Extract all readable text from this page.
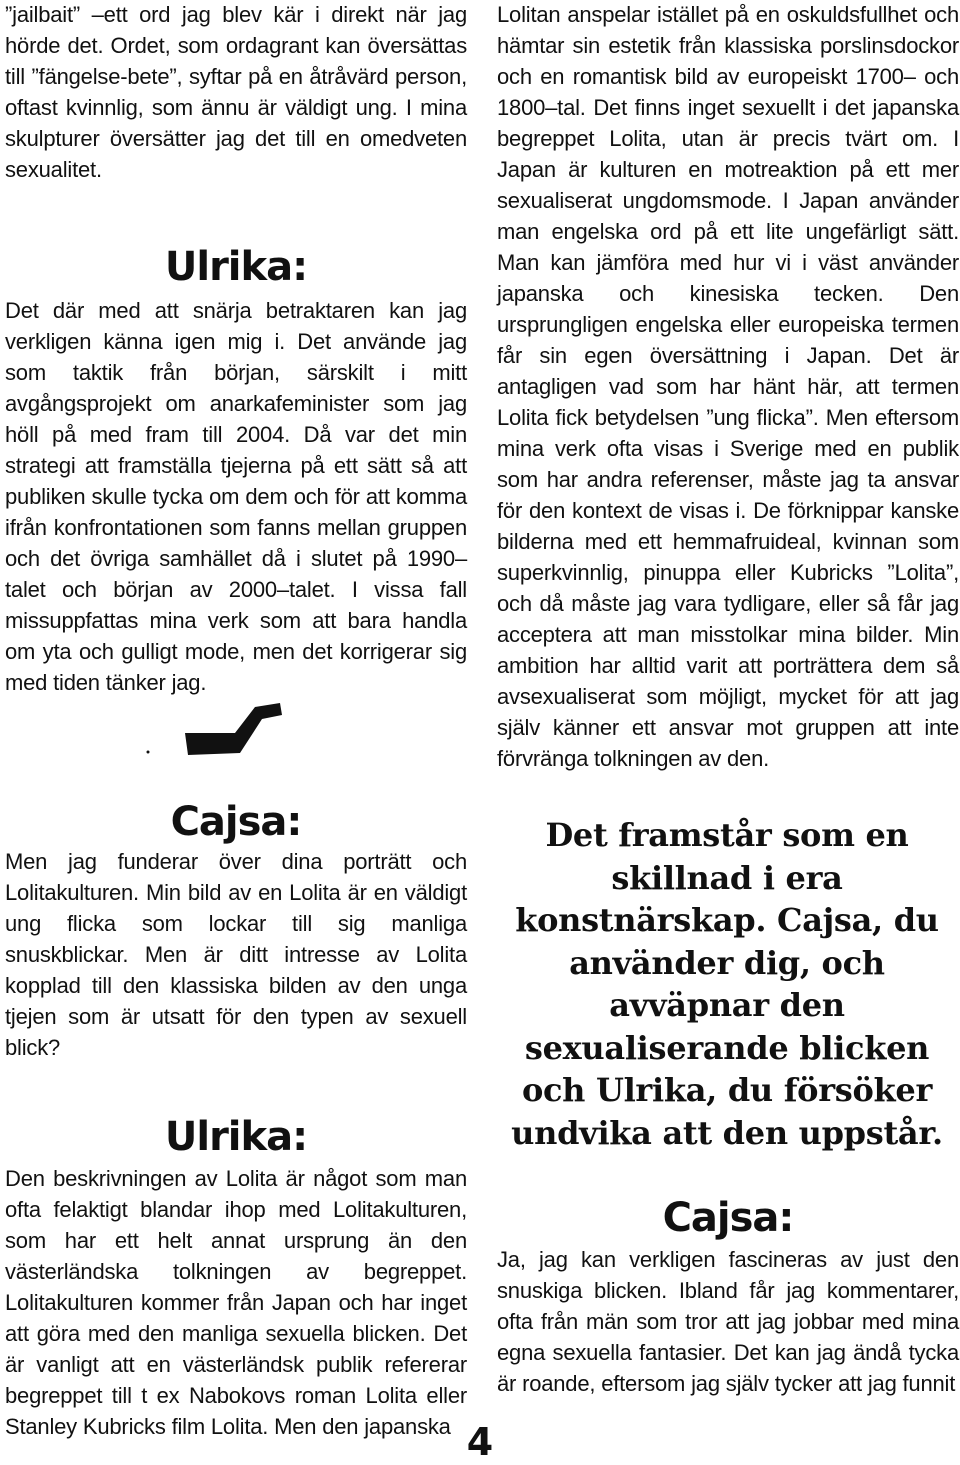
”jailbait” –ett ord jag blev kär i direkt när jag hörde det. Ordet, som ordagrant kan översättas till ”fängelse-bete”, syftar på en åtråvärd person, oftast kvinnlig, som ännu är väldigt ung. I mina skulpturer översätter jag det till en omedveten sexualitet.

Ulrika:

Det där med att snärja betraktaren kan jag verkligen känna igen mig i. Det använde jag som taktik från början, särskilt i mitt avgångsprojekt om anarkafeminister som jag höll på med fram till 2004. Då var det min strategi att framställa tjejerna på ett sätt så att publiken skulle tycka om dem och för att komma ifrån konfrontationen som fanns mellan gruppen och det övriga samhället då i slutet på 1990–talet och början av 2000–talet. I vissa fall missuppfattas mina verk som att bara handla om yta och gulligt mode, men det korrigerar sig med tiden tänker jag.

Cajsa:

Men jag funderar över dina porträtt och Lolitakulturen. Min bild av en Lolita är en väldigt ung flicka som lockar till sig manliga snuskblickar. Men är ditt intresse av Lolita kopplad till den klassiska bilden av den unga tjejen som är utsatt för den typen av sexuell blick?

Ulrika:

Den beskrivningen av Lolita är något som man ofta felaktigt blandar ihop med Lolitakulturen, som har ett helt annat ursprung än den västerländska tolkningen av begreppet. Lolitakulturen kommer från Japan och har inget att göra med den manliga sexuella blicken. Det är vanligt att en västerländsk publik refererar begreppet till t ex Nabokovs roman Lolita eller Stanley Kubricks film Lolita. Men den japanska

Lolitan anspelar istället på en oskuldsfullhet och hämtar sin estetik från klassiska porslinsdockor och en romantisk bild av europeiskt 1700– och 1800–tal. Det finns inget sexuellt i det japanska begreppet Lolita, utan är precis tvärt om. I Japan är kulturen en motreaktion på ett mer sexualiserat ungdomsmode. I Japan använder man engelska ord på ett lite ungefärligt sätt. Man kan jämföra med hur vi i väst använder japanska och kinesiska tecken. Den ursprungligen engelska eller europeiska termen får sin egen översättning i Japan. Det är antagligen vad som har hänt här, att termen Lolita fick betydelsen ”ung flicka”. Men eftersom mina verk ofta visas i Sverige med en publik som har andra referenser, måste jag ta ansvar för den kontext de visas i. De förknippar kanske bilderna med ett hemmafruideal, kvinnan som superkvinnlig, pinuppa eller Kubricks ”Lolita”, och då måste jag vara tydligare, eller så får jag acceptera att man misstolkar mina bilder. Min ambition har alltid varit att porträttera dem så avsexualiserat som möjligt, mycket för att jag själv känner ett ansvar mot gruppen att inte förvränga tolkningen av den.

Det framstår som en skillnad i era konstnärskap. Cajsa, du använder dig, och avväpnar den sexualiserande blicken och Ulrika, du försöker undvika att den uppstår.

Cajsa:

Ja, jag kan verkligen fascineras av just den snuskiga blicken. Ibland får jag kommentarer, ofta från män som tror att jag jobbar med mina egna sexuella fantasier. Det kan jag ändå tycka är roande, eftersom jag själv tycker att jag funnit

4
